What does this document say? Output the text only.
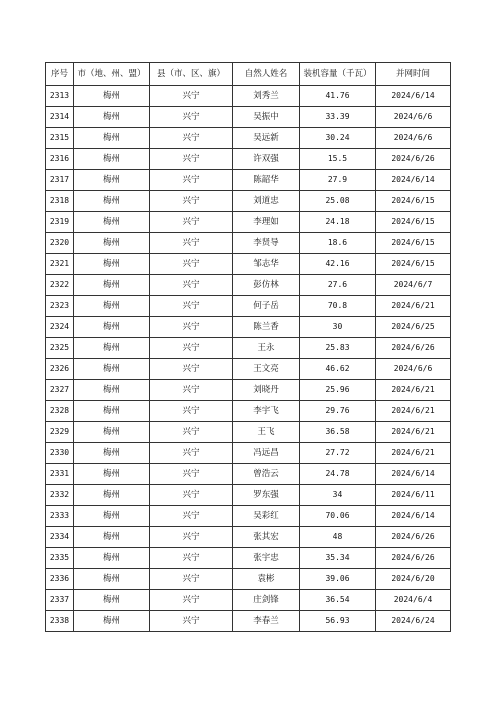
序号	市（地、州、盟）	县（市、区、旗）	自然人姓名	装机容量（千瓦）	并网时间
2313	梅州	兴宁	刘秀兰	41.76	2024/6/14
2314	梅州	兴宁	吴振中	33.39	2024/6/6
2315	梅州	兴宁	吴远新	30.24	2024/6/6
2316	梅州	兴宁	许双强	15.5	2024/6/26
2317	梅州	兴宁	陈韶华	27.9	2024/6/14
2318	梅州	兴宁	刘道忠	25.08	2024/6/15
2319	梅州	兴宁	李理如	24.18	2024/6/15
2320	梅州	兴宁	李贤导	18.6	2024/6/15
2321	梅州	兴宁	邹志华	42.16	2024/6/15
2322	梅州	兴宁	彭仿林	27.6	2024/6/7
2323	梅州	兴宁	何子岳	70.8	2024/6/21
2324	梅州	兴宁	陈兰香	30	2024/6/25
2325	梅州	兴宁	王永	25.83	2024/6/26
2326	梅州	兴宁	王文亮	46.62	2024/6/6
2327	梅州	兴宁	刘晓丹	25.96	2024/6/21
2328	梅州	兴宁	李宇飞	29.76	2024/6/21
2329	梅州	兴宁	王飞	36.58	2024/6/21
2330	梅州	兴宁	冯远昌	27.72	2024/6/21
2331	梅州	兴宁	曾浩云	24.78	2024/6/14
2332	梅州	兴宁	罗东强	34	2024/6/11
2333	梅州	兴宁	吴彩红	70.06	2024/6/14
2334	梅州	兴宁	张其宏	48	2024/6/26
2335	梅州	兴宁	张宇忠	35.34	2024/6/26
2336	梅州	兴宁	袁彬	39.06	2024/6/20
2337	梅州	兴宁	庄剑锋	36.54	2024/6/4
2338	梅州	兴宁	李春兰	56.93	2024/6/24
